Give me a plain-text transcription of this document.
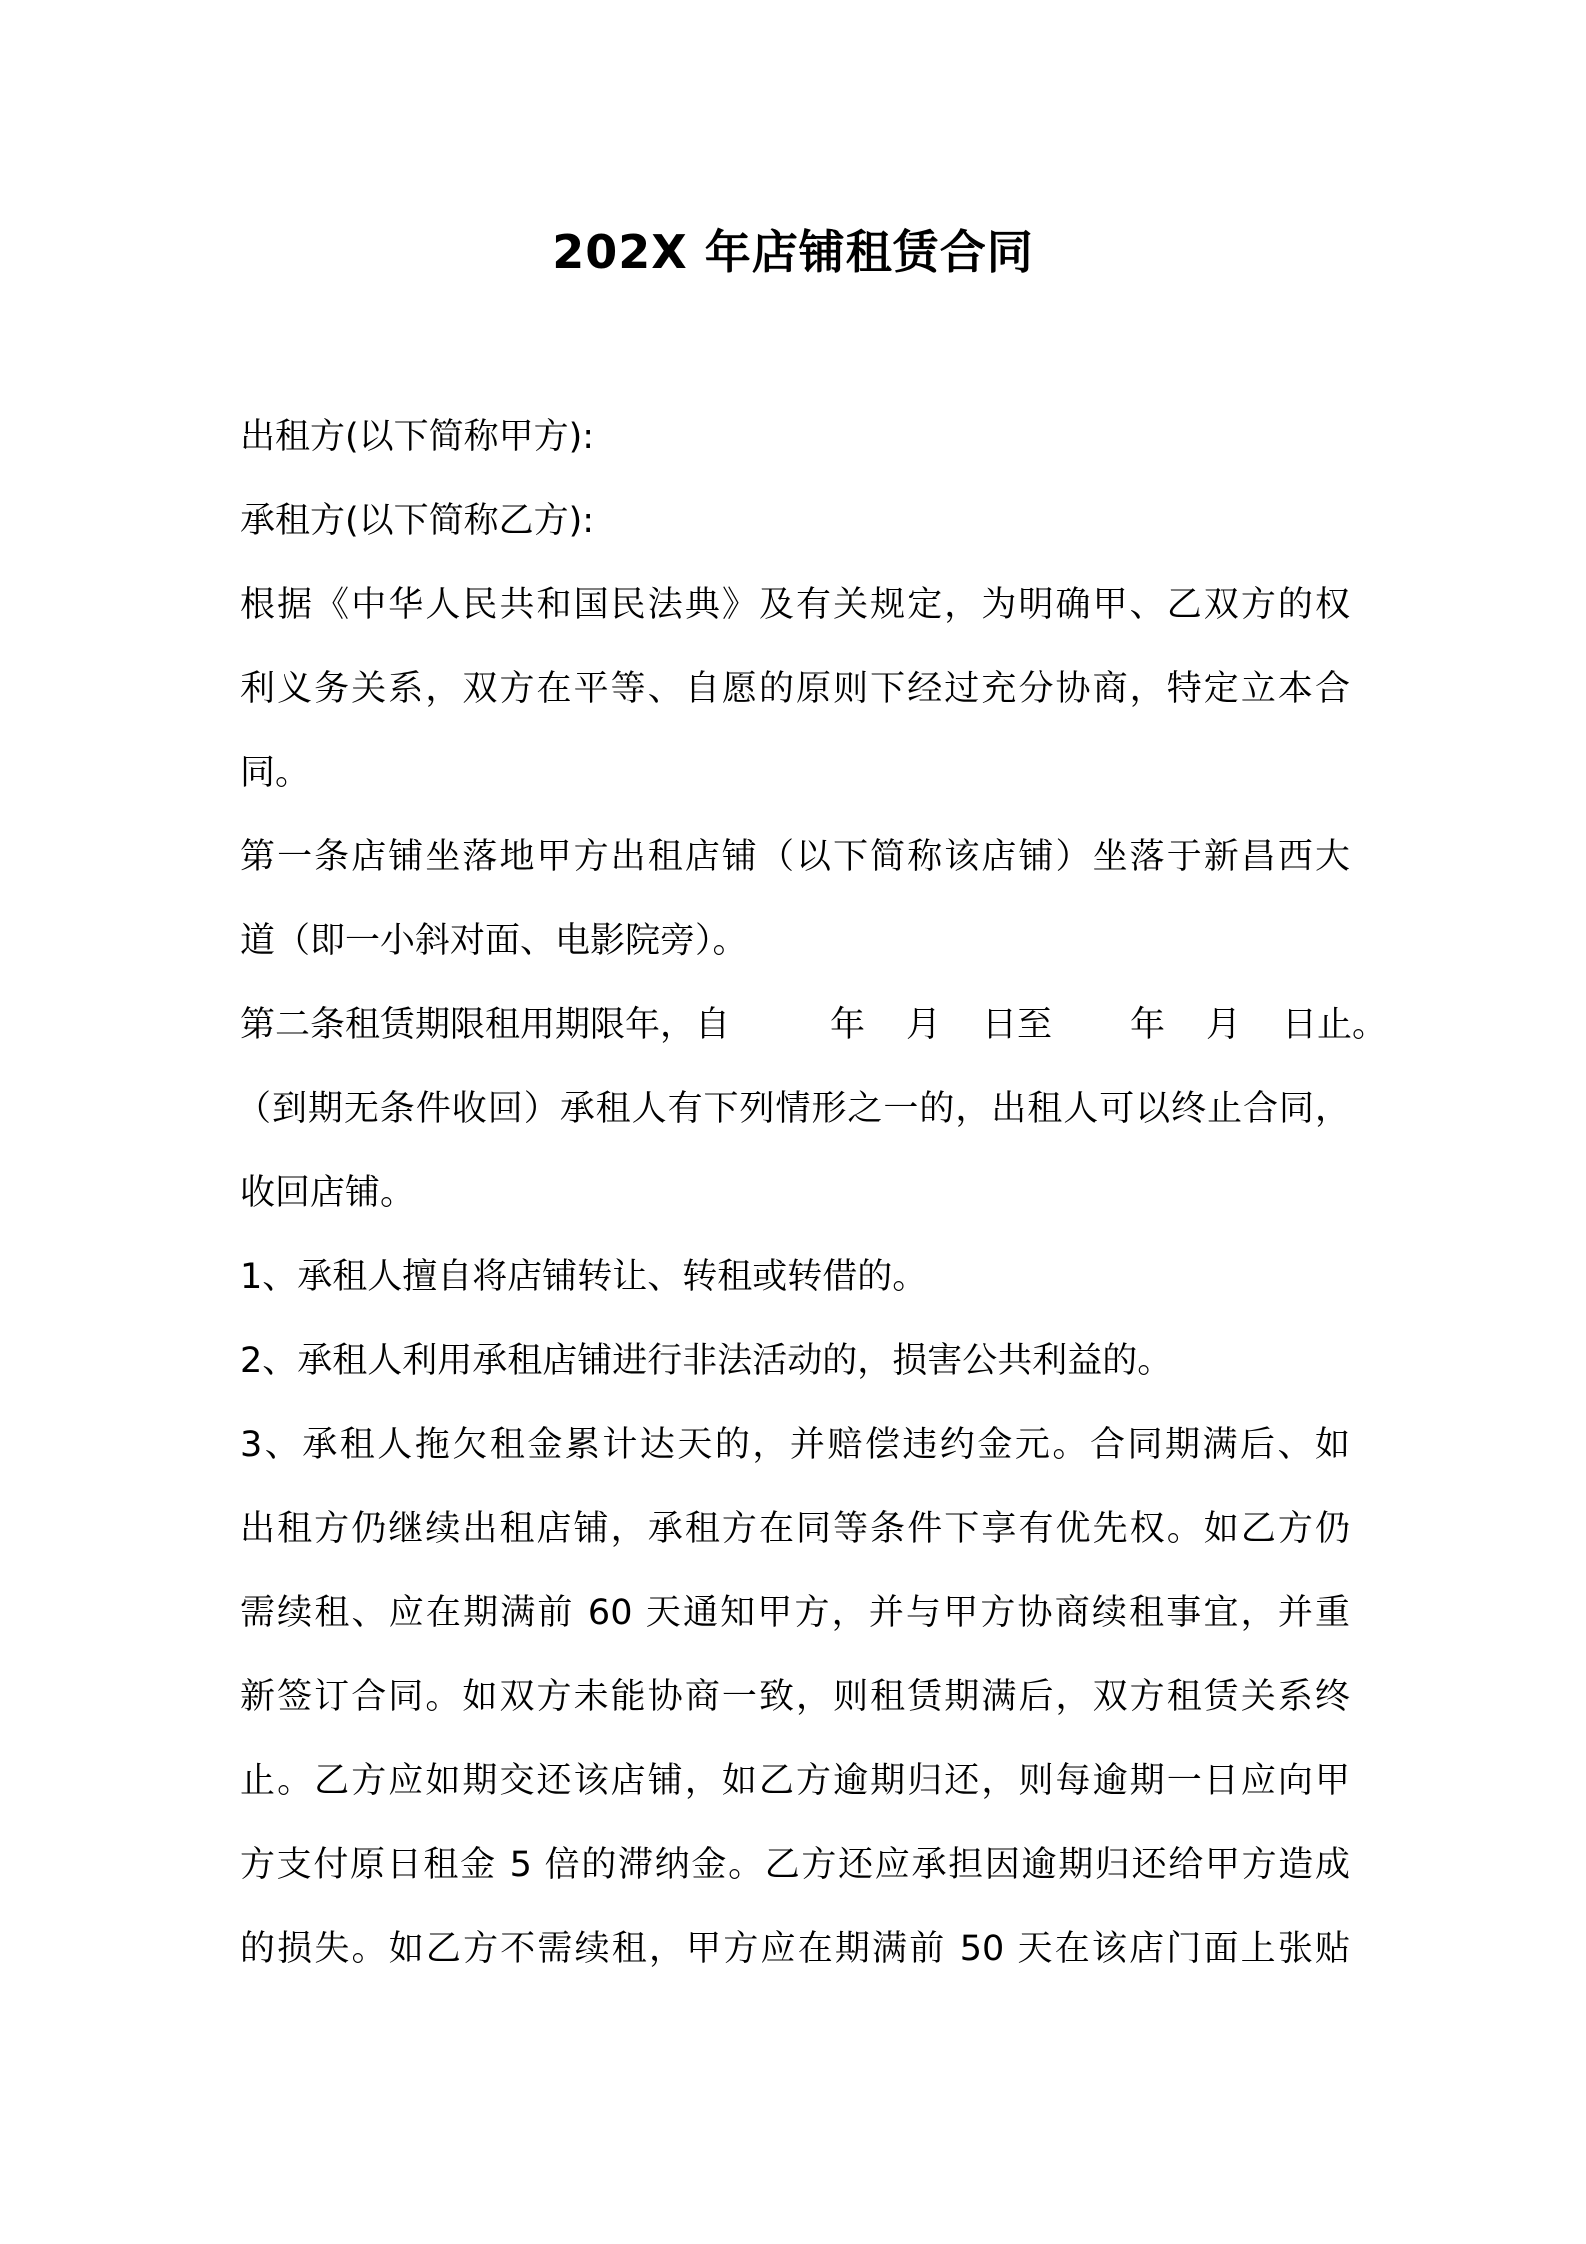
202X 年店铺租赁合同
出租方(以下简称甲方):
承租方(以下简称乙方):
根据《中华人民共和国民法典》及有关规定，为明确甲、乙双方的权
利义务关系，双方在平等、自愿的原则下经过充分协商，特定立本合
同。
第一条店铺坐落地甲方出租店铺（以下简称该店铺）坐落于新昌西大
道（即一小斜对面、电影院旁）。
第二条租赁期限租用期限年，自	年 月 日至 年 月 日止。
（到期无条件收回）承租人有下列情形之一的，出租人可以终止合同，
收回店铺。
1、承租人擅自将店铺转让、转租或转借的。
2、承租人利用承租店铺进行非法活动的，损害公共利益的。
3、承租人拖欠租金累计达天的，并赔偿违约金元。合同期满后、如
出租方仍继续出租店铺，承租方在同等条件下享有优先权。如乙方仍
需续租、应在期满前 60 天通知甲方，并与甲方协商续租事宜，并重
新签订合同。如双方未能协商一致，则租赁期满后，双方租赁关系终
止。乙方应如期交还该店铺，如乙方逾期归还，则每逾期一日应向甲
方支付原日租金 5 倍的滞纳金。乙方还应承担因逾期归还给甲方造成
的损失。如乙方不需续租，甲方应在期满前 50 天在该店门面上张贴
